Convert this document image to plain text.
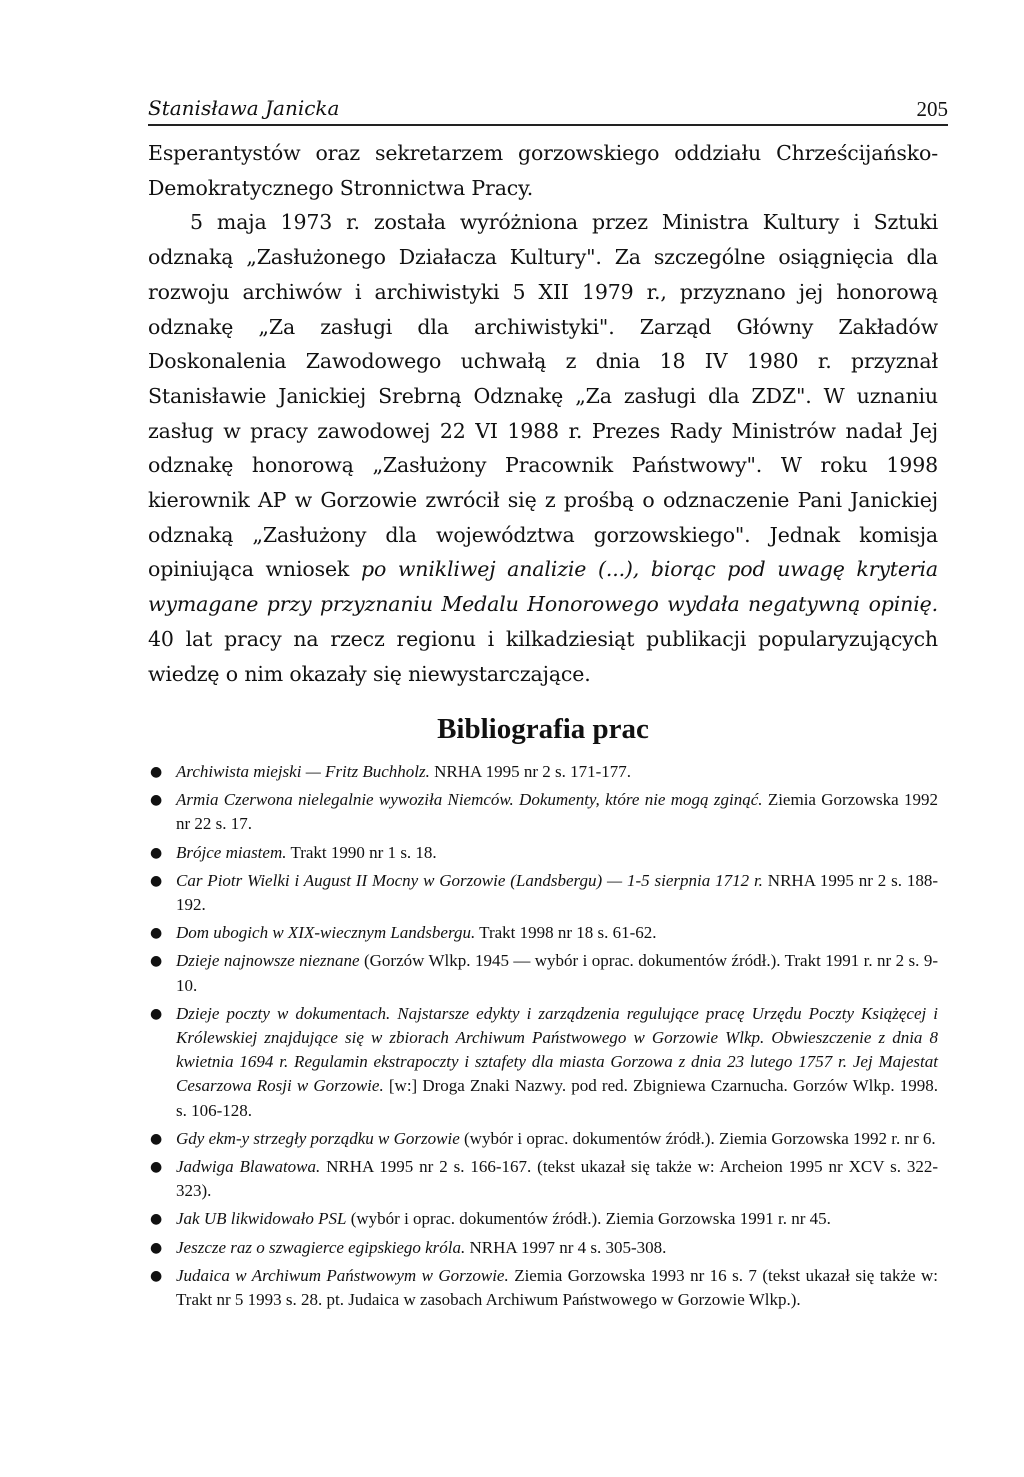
Stanisława Janicka	205

Esperantystów oraz sekretarzem gorzowskiego oddziału Chrześcijańsko-Demokratycznego Stronnictwa Pracy.

5 maja 1973 r. została wyróżniona przez Ministra Kultury i Sztuki odznaką „Zasłużonego Działacza Kultury". Za szczególne osiągnięcia dla rozwoju archiwów i archiwistyki 5 XII 1979 r., przyznano jej honorową odznakę „Za zasługi dla archiwistyki". Zarząd Główny Zakładów Doskonalenia Zawodowego uchwałą z dnia 18 IV 1980 r. przyznał Stanisławie Janickiej Srebrną Odznakę „Za zasługi dla ZDZ". W uznaniu zasług w pracy zawodowej 22 VI 1988 r. Prezes Rady Ministrów nadał Jej odznakę honorową „Zasłużony Pracownik Państwowy". W roku 1998 kierownik AP w Gorzowie zwrócił się z prośbą o odznaczenie Pani Janickiej odznaką „Zasłużony dla województwa gorzowskiego". Jednak komisja opiniująca wniosek po wnikliwej analizie (...), biorąc pod uwagę kryteria wymagane przy przyznaniu Medalu Honorowego wydała negatywną opinię. 40 lat pracy na rzecz regionu i kilkadziesiąt publikacji popularyzujących wiedzę o nim okazały się niewystarczające.

Bibliografia prac
● Archiwista miejski — Fritz Buchholz. NRHA 1995 nr 2 s. 171-177.
● Armia Czerwona nielegalnie wywoziła Niemców. Dokumenty, które nie mogą zginąć. Ziemia Gorzowska 1992 nr 22 s. 17.
● Brójce miastem. Trakt 1990 nr 1 s. 18.
● Car Piotr Wielki i August II Mocny w Gorzowie (Landsbergu) — 1-5 sierpnia 1712 r. NRHA 1995 nr 2 s. 188-192.
● Dom ubogich w XIX-wiecznym Landsbergu. Trakt 1998 nr 18 s. 61-62.
● Dzieje najnowsze nieznane (Gorzów Wlkp. 1945 — wybór i oprac. dokumentów źródł.). Trakt 1991 r. nr 2 s. 9-10.
● Dzieje poczty w dokumentach. Najstarsze edykty i zarządzenia regulujące pracę Urzędu Poczty Książęcej i Królewskiej znajdujące się w zbiorach Archiwum Państwowego w Gorzowie Wlkp. Obwieszczenie z dnia 8 kwietnia 1694 r. Regulamin ekstrapoczty i sztafety dla miasta Gorzowa z dnia 23 lutego 1757 r. Jej Majestat Cesarzowa Rosji w Gorzowie. [w:] Droga Znaki Nazwy. pod red. Zbigniewa Czarnucha. Gorzów Wlkp. 1998. s. 106-128.
● Gdy ekm-y strzegły porządku w Gorzowie (wybór i oprac. dokumentów źródł.). Ziemia Gorzowska 1992 r. nr 6.
● Jadwiga Blawatowa. NRHA 1995 nr 2 s. 166-167. (tekst ukazał się także w: Archeion 1995 nr XCV s. 322-323).
● Jak UB likwidowało PSL (wybór i oprac. dokumentów źródł.). Ziemia Gorzowska 1991 r. nr 45.
● Jeszcze raz o szwagierce egipskiego króla. NRHA 1997 nr 4 s. 305-308.
● Judaica w Archiwum Państwowym w Gorzowie. Ziemia Gorzowska 1993 nr 16 s. 7 (tekst ukazał się także w: Trakt nr 5 1993 s. 28. pt. Judaica w zasobach Archiwum Państwowego w Gorzowie Wlkp.).
